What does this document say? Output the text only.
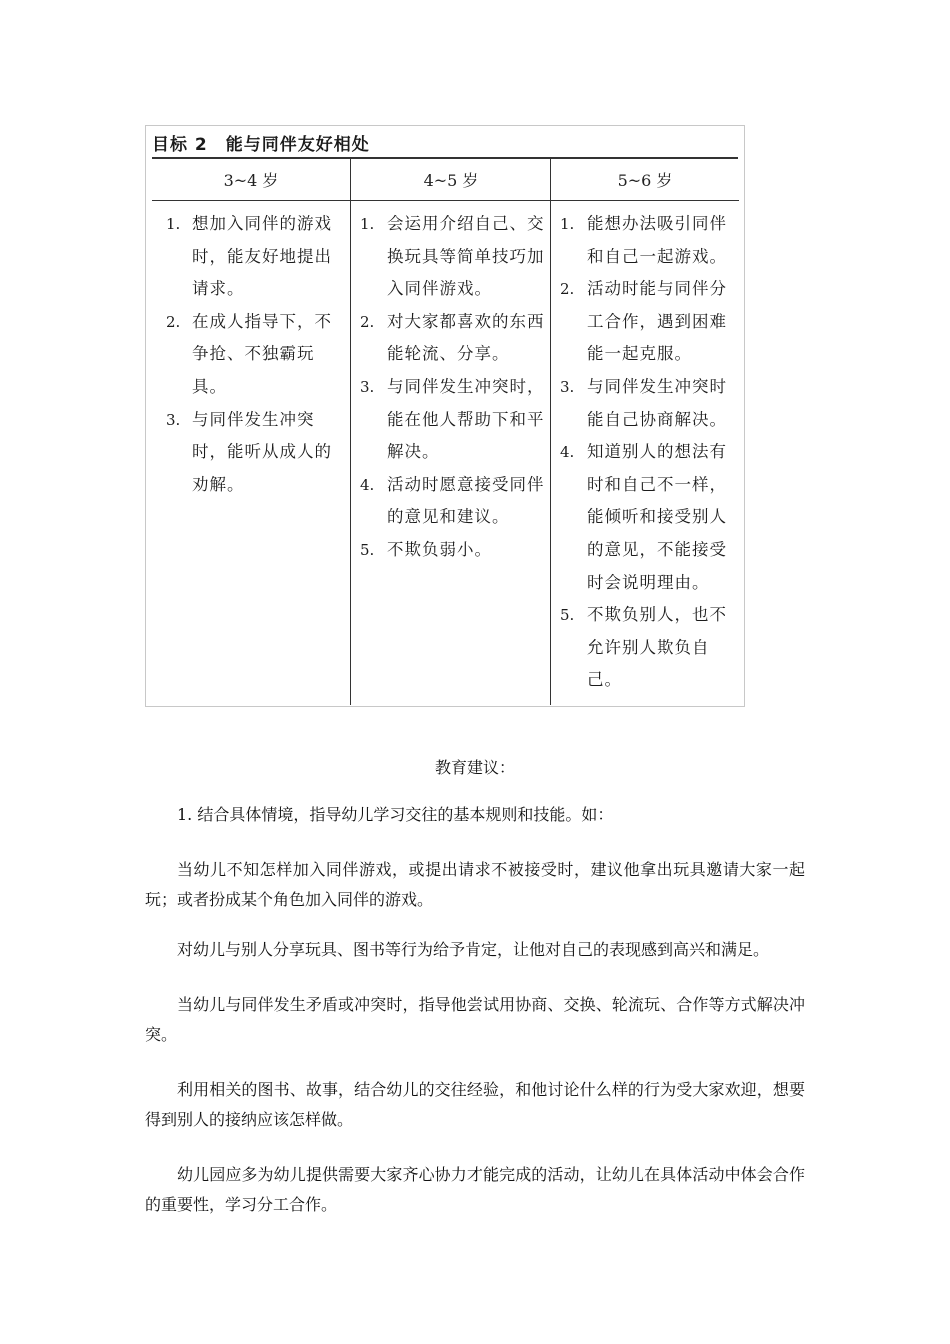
目标 2 能与同伴友好相处
3~4 岁
1. 想加入同伴的游戏时，能友好地提出请求。
2. 在成人指导下，不争抢、不独霸玩具。
3. 与同伴发生冲突时，能听从成人的劝解。
4~5 岁
1. 会运用介绍自己、交换玩具等简单技巧加入同伴游戏。
2. 对大家都喜欢的东西能轮流、分享。
3. 与同伴发生冲突时，能在他人帮助下和平解决。
4. 活动时愿意接受同伴的意见和建议。
5. 不欺负弱小。
5~6 岁
1. 能想办法吸引同伴和自己一起游戏。
2. 活动时能与同伴分工合作，遇到困难能一起克服。
3. 与同伴发生冲突时能自己协商解决。
4. 知道别人的想法有时和自己不一样，能倾听和接受别人的意见，不能接受时会说明理由。
5. 不欺负别人，也不允许别人欺负自己。
教育建议：

1. 结合具体情境，指导幼儿学习交往的基本规则和技能。如：

当幼儿不知怎样加入同伴游戏，或提出请求不被接受时，建议他拿出玩具邀请大家一起玩；或者扮成某个角色加入同伴的游戏。

对幼儿与别人分享玩具、图书等行为给予肯定，让他对自己的表现感到高兴和满足。

当幼儿与同伴发生矛盾或冲突时，指导他尝试用协商、交换、轮流玩、合作等方式解决冲突。

利用相关的图书、故事，结合幼儿的交往经验，和他讨论什么样的行为受大家欢迎，想要得到别人的接纳应该怎样做。

幼儿园应多为幼儿提供需要大家齐心协力才能完成的活动，让幼儿在具体活动中体会合作的重要性，学习分工合作。
